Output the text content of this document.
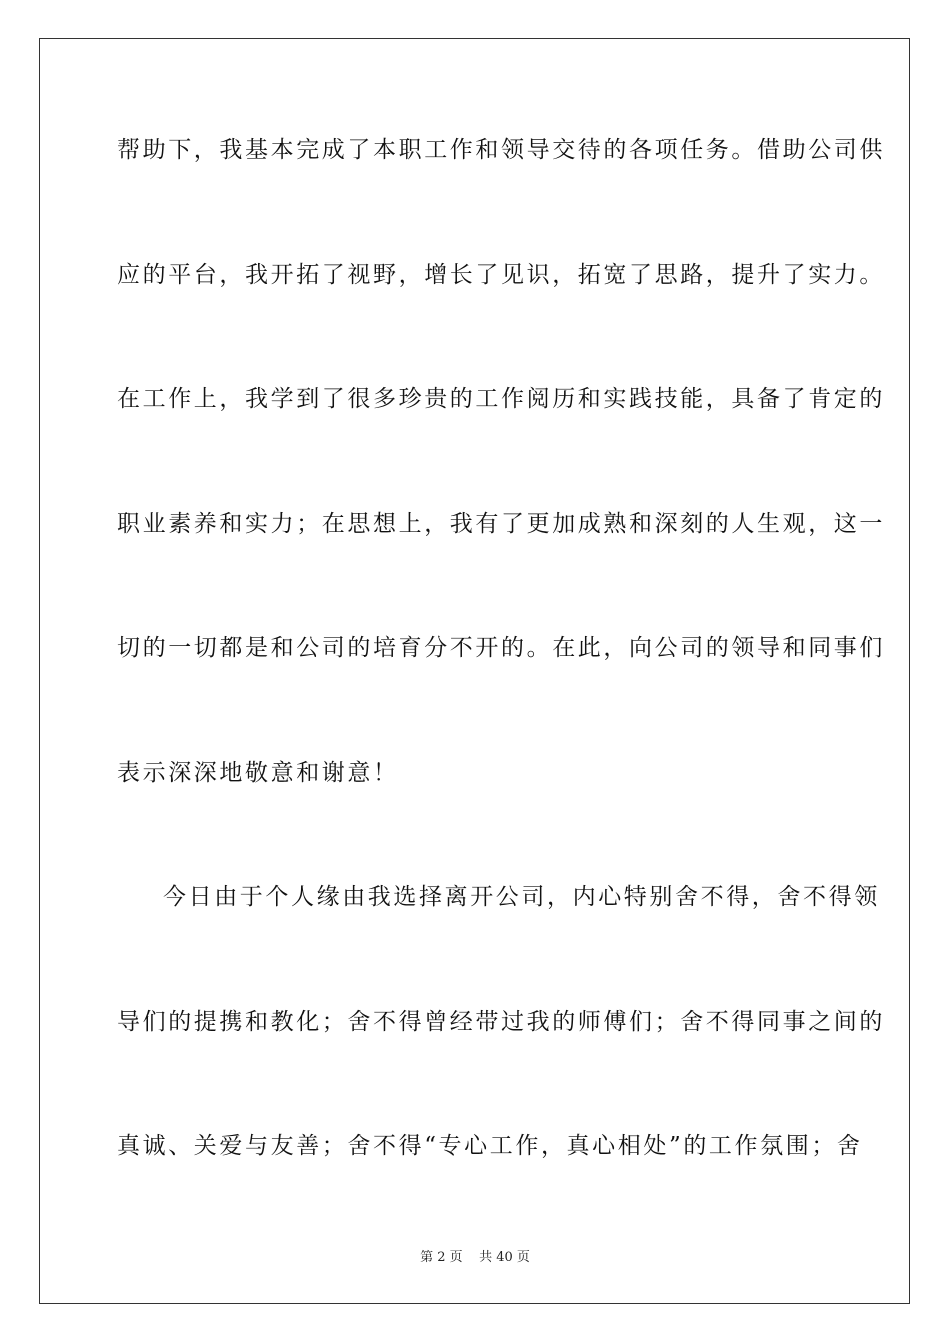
帮助下，我基本完成了本职工作和领导交待的各项任务。借助公司供
应的平台，我开拓了视野，增长了见识，拓宽了思路，提升了实力。
在工作上，我学到了很多珍贵的工作阅历和实践技能，具备了肯定的
职业素养和实力；在思想上，我有了更加成熟和深刻的人生观，这一
切的一切都是和公司的培育分不开的。在此，向公司的领导和同事们
表示深深地敬意和谢意！
今日由于个人缘由我选择离开公司，内心特别舍不得，舍不得领
导们的提携和教化；舍不得曾经带过我的师傅们；舍不得同事之间的
真诚、关爱与友善；舍不得“专心工作，真心相处”的工作氛围；舍
第 2 页    共 40 页
